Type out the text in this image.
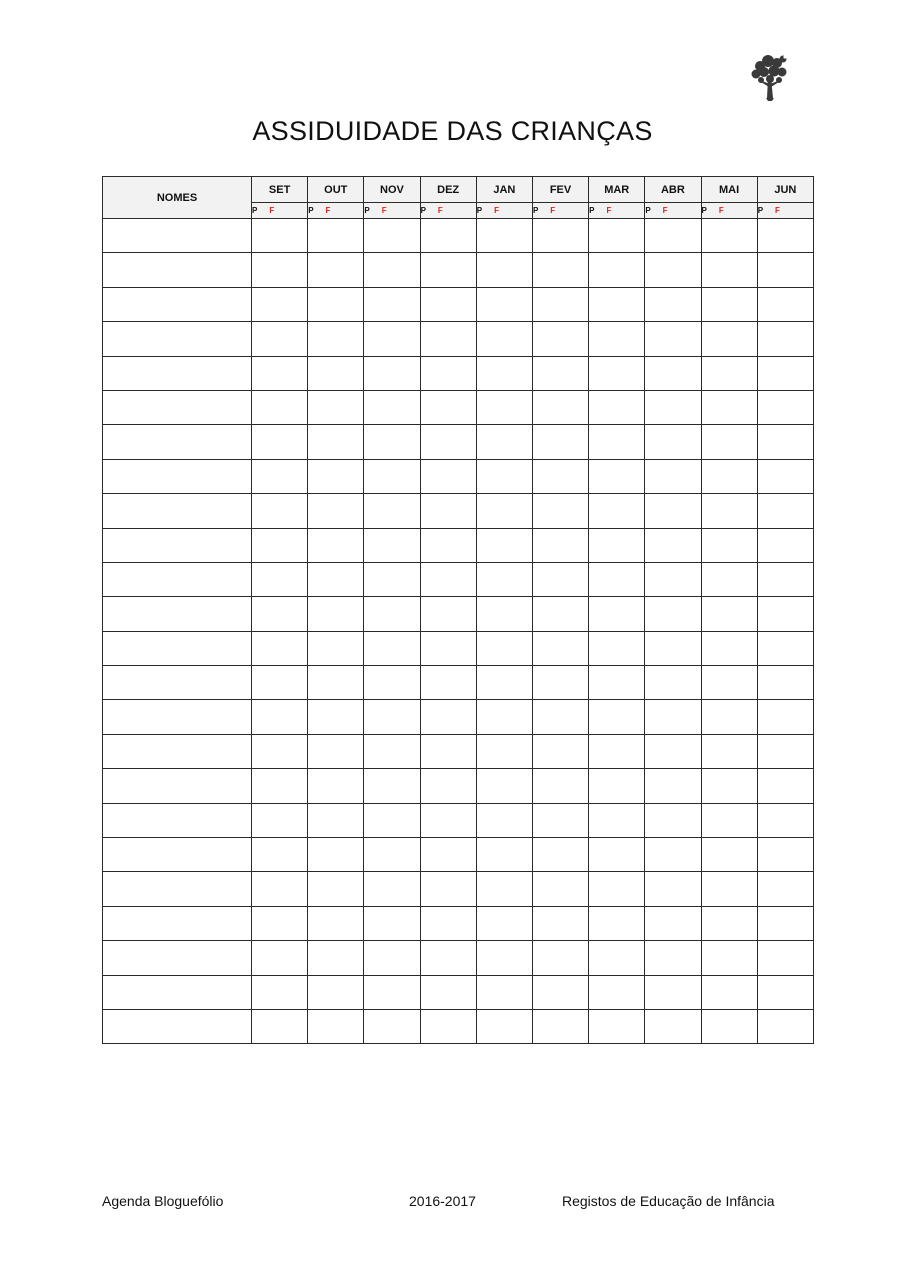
ASSIDUIDADE DAS CRIANÇAS
NOMES	SET	OUT	NOV	DEZ	JAN	FEV	MAR	ABR	MAI	JUN
	P F	P F	P F	P F	P F	P F	P F	P F	P F	P F

Agenda Bloguefólio	2016-2017	Registos de Educação de Infância
